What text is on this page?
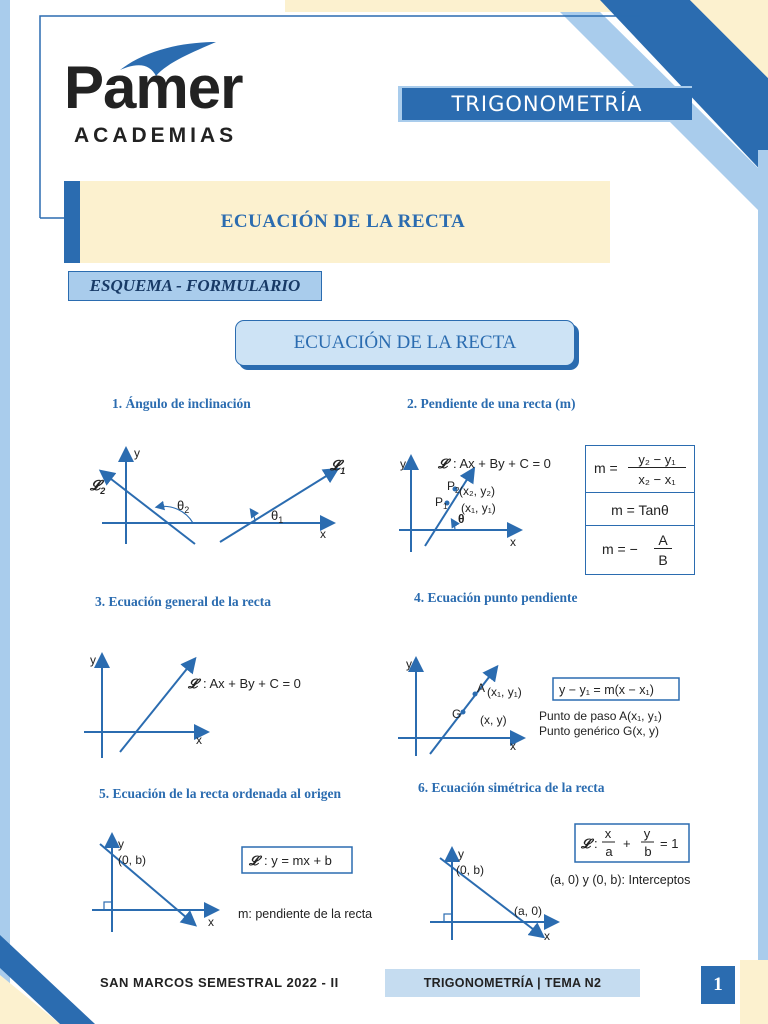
Pamer
ACADEMIAS
TRIGONOMETRÍA
ECUACIÓN DE LA RECTA
ESQUEMA - FORMULARIO
ECUACIÓN DE LA RECTA
1. Ángulo de inclinación	2. Pendiente de una recta (m)
3. Ecuación general de la recta	4. Ecuación punto pendiente
5. Ecuación de la recta ordenada al origen	6. Ecuación simétrica de la recta
y
x
𝓛$_1$
𝓛$_2$
$\theta_1$
$\theta_2$
y
x
𝓛 : Ax + By + C = 0
$P_2$ (x₂, y₂)
$P_1$ (x₁, y₁)
θ
m =
y₂ − y₁
x₂ − x₁
m = Tanθ
m = −
A
B
y
x
𝓛 : Ax + By + C = 0
y
x
A (x₁, y₁)
G (x, y)
y − y₁ = m(x − x₁)
Punto de paso A(x₁, y₁)
Punto genérico G(x, y)
y
x
(0, b)	𝓛 : y = mx + b
m: pendiente de la recta
y
x
(0, b)
(a, 0)
𝓛 :
x
a
+
y
b
= 1
(a, 0) y (0, b): Interceptos
SAN MARCOS SEMESTRAL 2022 - II	TRIGONOMETRÍA | TEMA N2	1
